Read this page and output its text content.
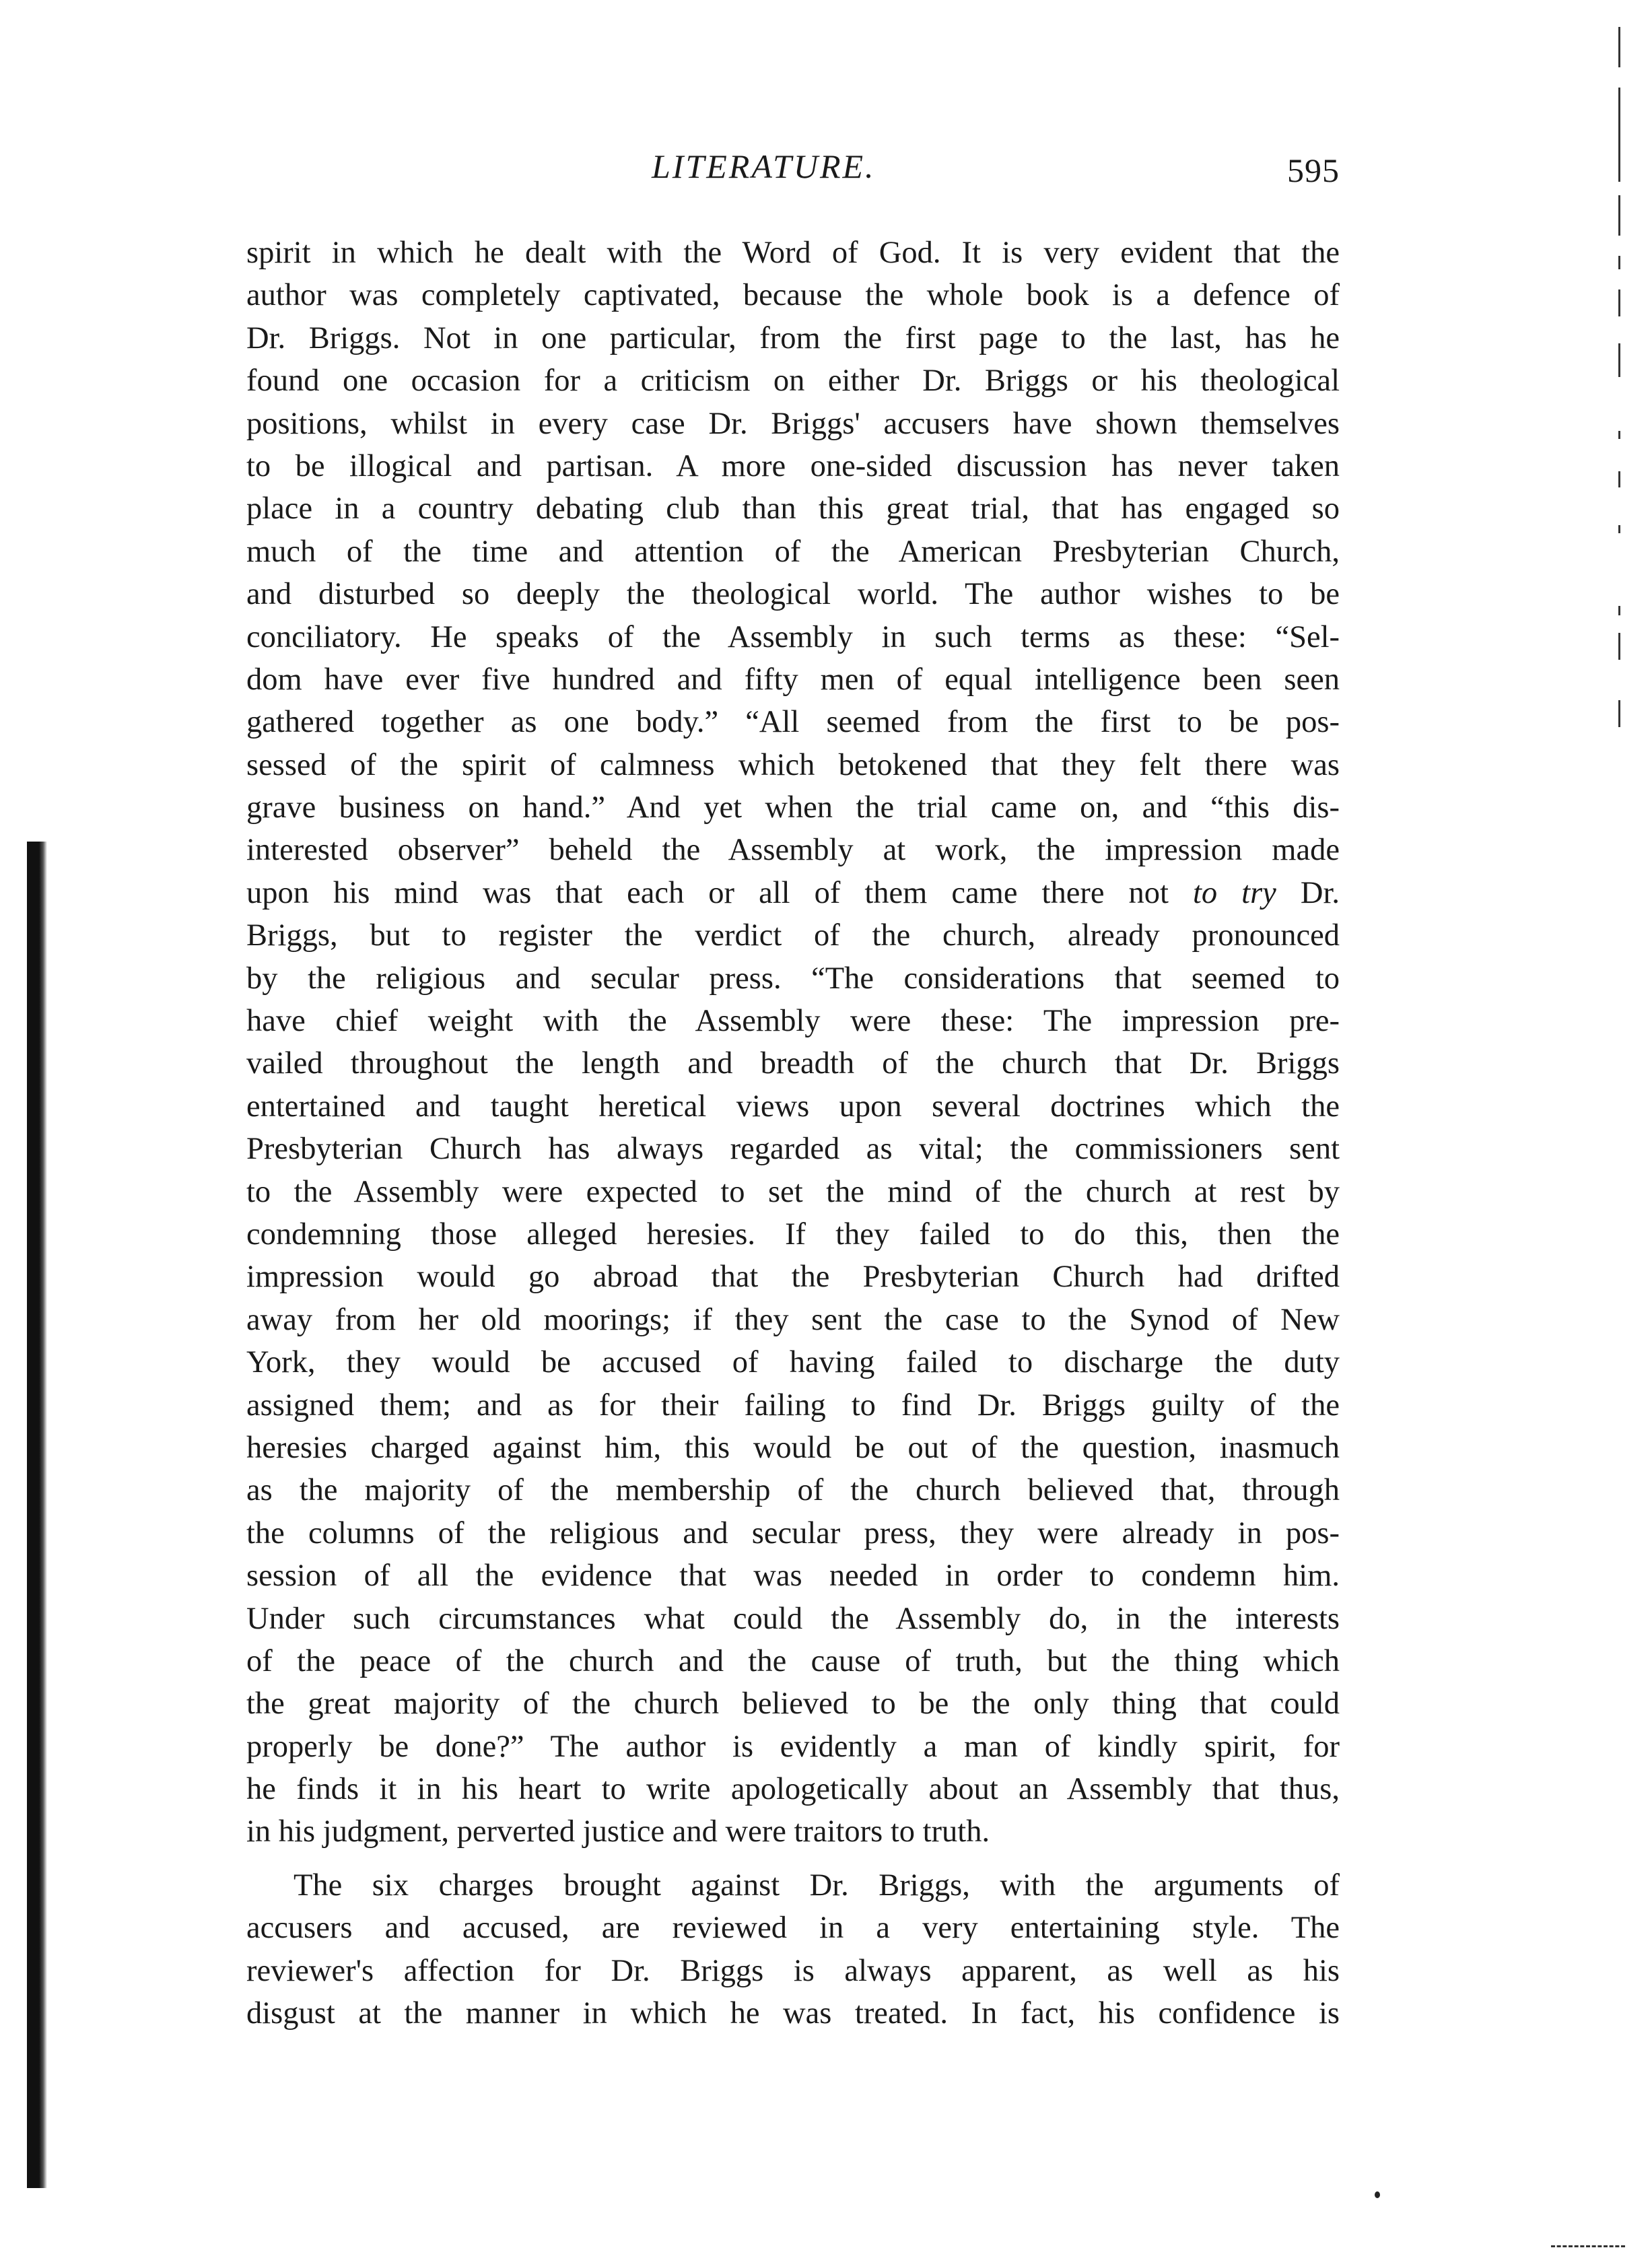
LITERATURE.	595
spirit in which he dealt with the Word of God. It is very evident that the
author was completely captivated, because the whole book is a defence of
Dr. Briggs. Not in one particular, from the first page to the last, has he
found one occasion for a criticism on either Dr. Briggs or his theological
positions, whilst in every case Dr. Briggs' accusers have shown themselves
to be illogical and partisan. A more one-sided discussion has never taken
place in a country debating club than this great trial, that has engaged so
much of the time and attention of the American Presbyterian Church,
and disturbed so deeply the theological world. The author wishes to be
conciliatory. He speaks of the Assembly in such terms as these: “Sel-
dom have ever five hundred and fifty men of equal intelligence been seen
gathered together as one body.” “All seemed from the first to be pos-
sessed of the spirit of calmness which betokened that they felt there was
grave business on hand.” And yet when the trial came on, and “this dis-
interested observer” beheld the Assembly at work, the impression made
upon his mind was that each or all of them came there not to try Dr.
Briggs, but to register the verdict of the church, already pronounced
by the religious and secular press. “The considerations that seemed to
have chief weight with the Assembly were these: The impression pre-
vailed throughout the length and breadth of the church that Dr. Briggs
entertained and taught heretical views upon several doctrines which the
Presbyterian Church has always regarded as vital; the commissioners sent
to the Assembly were expected to set the mind of the church at rest by
condemning those alleged heresies. If they failed to do this, then the
impression would go abroad that the Presbyterian Church had drifted
away from her old moorings; if they sent the case to the Synod of New
York, they would be accused of having failed to discharge the duty
assigned them; and as for their failing to find Dr. Briggs guilty of the
heresies charged against him, this would be out of the question, inasmuch
as the majority of the membership of the church believed that, through
the columns of the religious and secular press, they were already in pos-
session of all the evidence that was needed in order to condemn him.
Under such circumstances what could the Assembly do, in the interests
of the peace of the church and the cause of truth, but the thing which
the great majority of the church believed to be the only thing that could
properly be done?” The author is evidently a man of kindly spirit, for
he finds it in his heart to write apologetically about an Assembly that thus,
in his judgment, perverted justice and were traitors to truth.
The six charges brought against Dr. Briggs, with the arguments of
accusers and accused, are reviewed in a very entertaining style. The
reviewer's affection for Dr. Briggs is always apparent, as well as his
disgust at the manner in which he was treated. In fact, his confidence is
